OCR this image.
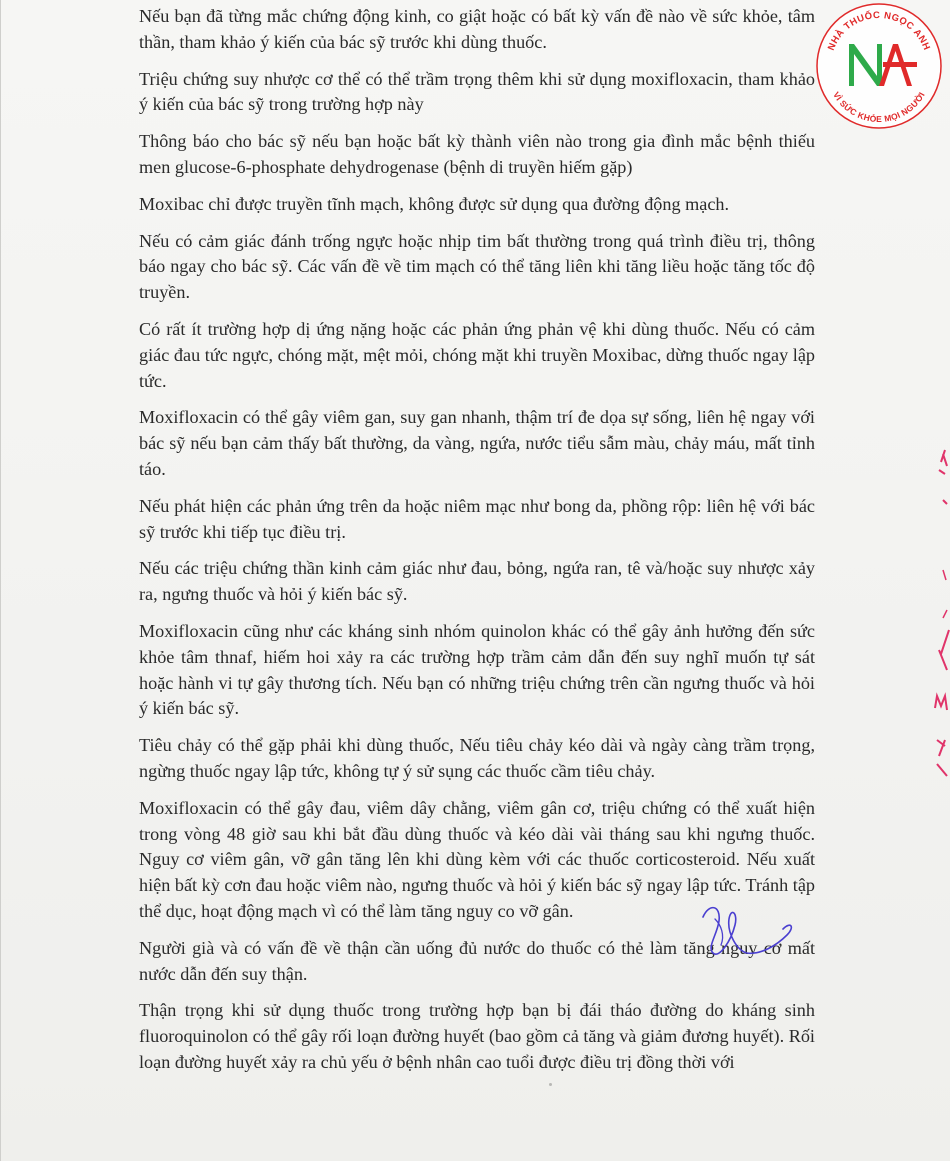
Nếu bạn đã từng mắc chứng động kinh, co giật hoặc có bất kỳ vấn đề nào về sức khỏe, tâm thần, tham khảo ý kiến của bác sỹ trước khi dùng thuốc.

Triệu chứng suy nhược cơ thể có thể trầm trọng thêm khi sử dụng moxifloxacin, tham khảo ý kiến của bác sỹ trong trường hợp này

Thông báo cho bác sỹ nếu bạn hoặc bất kỳ thành viên nào trong gia đình mắc bệnh thiếu men glucose-6-phosphate dehydrogenase (bệnh di truyền hiếm gặp)

Moxibac chỉ được truyền tĩnh mạch, không được sử dụng qua đường động mạch.

Nếu có cảm giác đánh trống ngực hoặc nhịp tim bất thường trong quá trình điều trị, thông báo ngay cho bác sỹ. Các vấn đề về tim mạch có thể tăng liên khi tăng liều hoặc tăng tốc độ truyền.

Có rất ít trường hợp dị ứng nặng hoặc các phản ứng phản vệ khi dùng thuốc. Nếu có cảm giác đau tức ngực, chóng mặt, mệt mỏi, chóng mặt khi truyền Moxibac, dừng thuốc ngay lập tức.

Moxifloxacin có thể gây viêm gan, suy gan nhanh, thậm trí đe dọa sự sống, liên hệ ngay với bác sỹ nếu bạn cảm thấy bất thường, da vàng, ngứa, nước tiểu sẫm màu, chảy máu, mất tỉnh táo.

Nếu phát hiện các phản ứng trên da hoặc niêm mạc như bong da, phồng rộp: liên hệ với bác sỹ trước khi tiếp tục điều trị.

Nếu các triệu chứng thần kinh cảm giác như đau, bỏng, ngứa ran, tê và/hoặc suy nhược xảy ra, ngưng thuốc và hỏi ý kiến bác sỹ.

Moxifloxacin cũng như các kháng sinh nhóm quinolon khác có thể gây ảnh hưởng đến sức khỏe tâm thnaf, hiếm hoi xảy ra các trường hợp trầm cảm dẫn đến suy nghĩ muốn tự sát hoặc hành vi tự gây thương tích. Nếu bạn có những triệu chứng trên cần ngưng thuốc và hỏi ý kiến bác sỹ.

Tiêu chảy có thể gặp phải khi dùng thuốc, Nếu tiêu chảy kéo dài và ngày càng trầm trọng, ngừng thuốc ngay lập tức, không tự ý sử sụng các thuốc cầm tiêu chảy.

Moxifloxacin có thể gây đau, viêm dây chằng, viêm gân cơ, triệu chứng có thể xuất hiện trong vòng 48 giờ sau khi bắt đầu dùng thuốc và kéo dài vài tháng sau khi ngưng thuốc. Nguy cơ viêm gân, vỡ gân tăng lên khi dùng kèm với các thuốc corticosteroid. Nếu xuất hiện bất kỳ cơn đau hoặc viêm nào, ngưng thuốc và hỏi ý kiến bác sỹ ngay lập tức. Tránh tập thể dục, hoạt động mạch vì có thể làm tăng nguy co vỡ gân.

Người già và có vấn đề về thận cần uống đủ nước do thuốc có thẻ làm tăng nguy cơ mất nước dẫn đến suy thận.

Thận trọng khi sử dụng thuốc trong trường hợp bạn bị đái tháo đường do kháng sinh fluoroquinolon có thể gây rối loạn đường huyết (bao gồm cả tăng và giảm đương huyết). Rối loạn đường huyết xảy ra chủ yếu ở bệnh nhân cao tuổi được điều trị đồng thời với

NHÀ THUỐC NGỌC ANH
VÌ SỨC KHỎE MỌI NGƯỜI
